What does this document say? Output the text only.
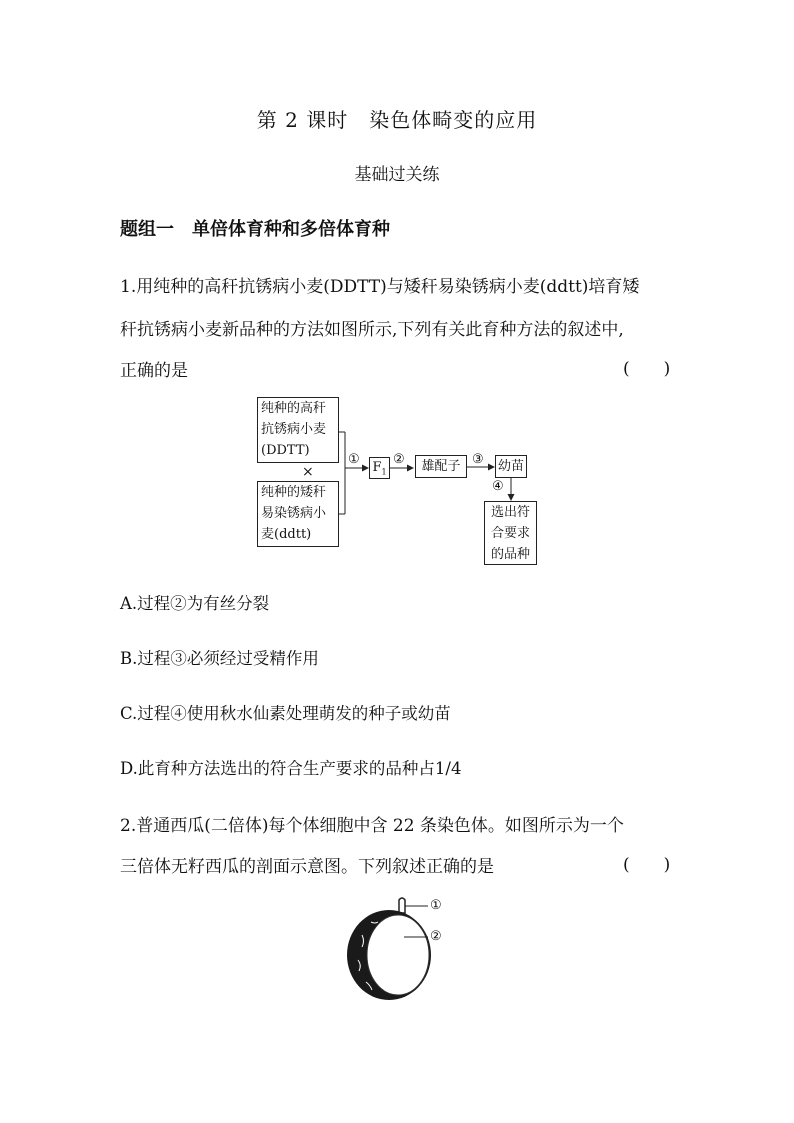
第 2 课时　染色体畸变的应用
基础过关练
题组一　单倍体育种和多倍体育种
1.用纯种的高秆抗锈病小麦(DDTT)与矮秆易染锈病小麦(ddtt)培育矮
秆抗锈病小麦新品种的方法如图所示,下列有关此育种方法的叙述中,
正确的是	(　　)
纯种的高秆
抗锈病小麦
(DDTT)
×
纯种的矮秆
易染锈病小
麦(ddtt)
①
$F_1$
②	雄配子 ③ 幼苗
④
选出符
合要求
的品种
A.过程②为有丝分裂
B.过程③必须经过受精作用
C.过程④使用秋水仙素处理萌发的种子或幼苗
D.此育种方法选出的符合生产要求的品种占1/4
2.普通西瓜(二倍体)每个体细胞中含 22 条染色体。如图所示为一个
三倍体无籽西瓜的剖面示意图。下列叙述正确的是	(　　)
①
②
